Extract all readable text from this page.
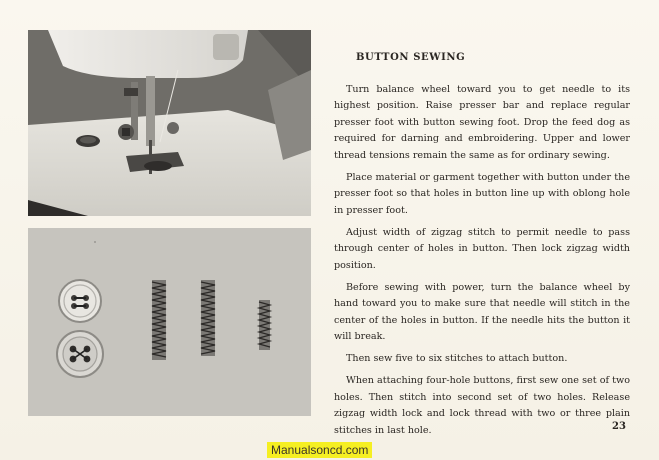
BUTTON SEWING

Turn balance wheel toward you to get needle to its highest position. Raise presser bar and replace regular presser foot with button sewing foot. Drop the feed dog as required for darning and embroidering. Upper and lower thread tensions remain the same as for ordinary sewing.

Place material or garment together with button under the presser foot so that holes in button line up with oblong hole in presser foot.

Adjust width of zigzag stitch to permit needle to pass through center of holes in button. Then lock zigzag width position.

Before sewing with power, turn the balance wheel by hand toward you to make sure that needle will stitch in the center of the holes in button. If the needle hits the button it will break.

Then sew five to six stitches to attach button.

When attaching four-hole buttons, first sew one set of two holes. Then stitch into second set of two holes. Release zigzag width lock and lock thread with two or three plain stitches in last hole.	23
Manualsoncd.com
